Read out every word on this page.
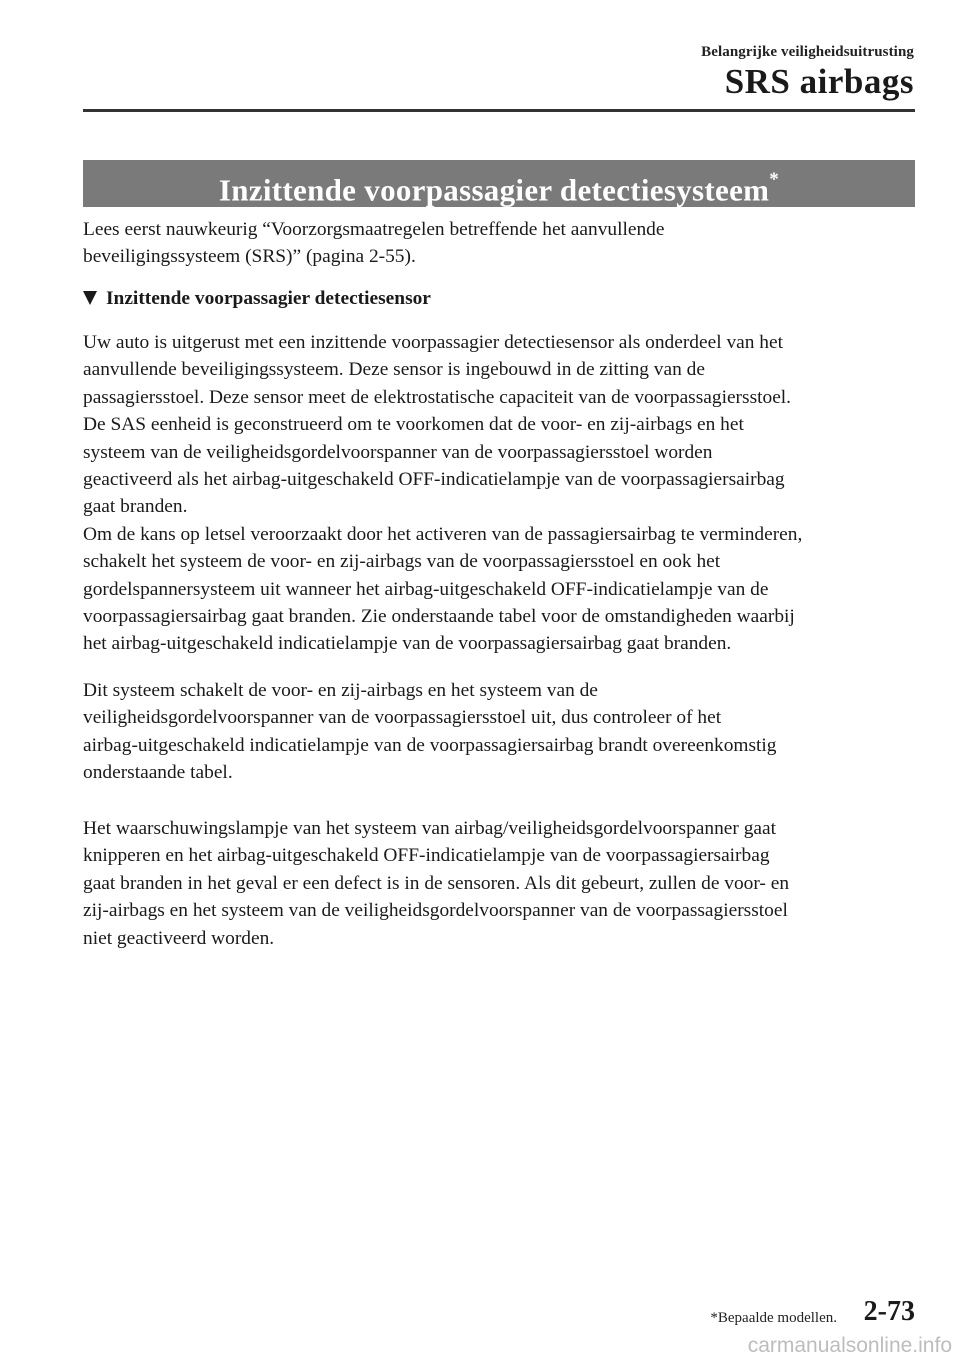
Belangrijke veiligheidsuitrusting
SRS airbags
Inzittende voorpassagier detectiesysteem*

Lees eerst nauwkeurig “Voorzorgsmaatregelen betreffende het aanvullende
beveiligingssysteem (SRS)” (pagina 2-55).

Inzittende voorpassagier detectiesensor

Uw auto is uitgerust met een inzittende voorpassagier detectiesensor als onderdeel van het
aanvullende beveiligingssysteem. Deze sensor is ingebouwd in de zitting van de
passagiersstoel. Deze sensor meet de elektrostatische capaciteit van de voorpassagiersstoel.
De SAS eenheid is geconstrueerd om te voorkomen dat de voor- en zij-airbags en het
systeem van de veiligheidsgordelvoorspanner van de voorpassagiersstoel worden
geactiveerd als het airbag-uitgeschakeld OFF-indicatielampje van de voorpassagiersairbag
gaat branden.
Om de kans op letsel veroorzaakt door het activeren van de passagiersairbag te verminderen,
schakelt het systeem de voor- en zij-airbags van de voorpassagiersstoel en ook het
gordelspannersysteem uit wanneer het airbag-uitgeschakeld OFF-indicatielampje van de
voorpassagiersairbag gaat branden. Zie onderstaande tabel voor de omstandigheden waarbij
het airbag-uitgeschakeld indicatielampje van de voorpassagiersairbag gaat branden.

Dit systeem schakelt de voor- en zij-airbags en het systeem van de
veiligheidsgordelvoorspanner van de voorpassagiersstoel uit, dus controleer of het
airbag-uitgeschakeld indicatielampje van de voorpassagiersairbag brandt overeenkomstig
onderstaande tabel.

Het waarschuwingslampje van het systeem van airbag/veiligheidsgordelvoorspanner gaat
knipperen en het airbag-uitgeschakeld OFF-indicatielampje van de voorpassagiersairbag
gaat branden in het geval er een defect is in de sensoren. Als dit gebeurt, zullen de voor- en
zij-airbags en het systeem van de veiligheidsgordelvoorspanner van de voorpassagiersstoel
niet geactiveerd worden.

*Bepaalde modellen. 2-73
carmanualsonline.info
